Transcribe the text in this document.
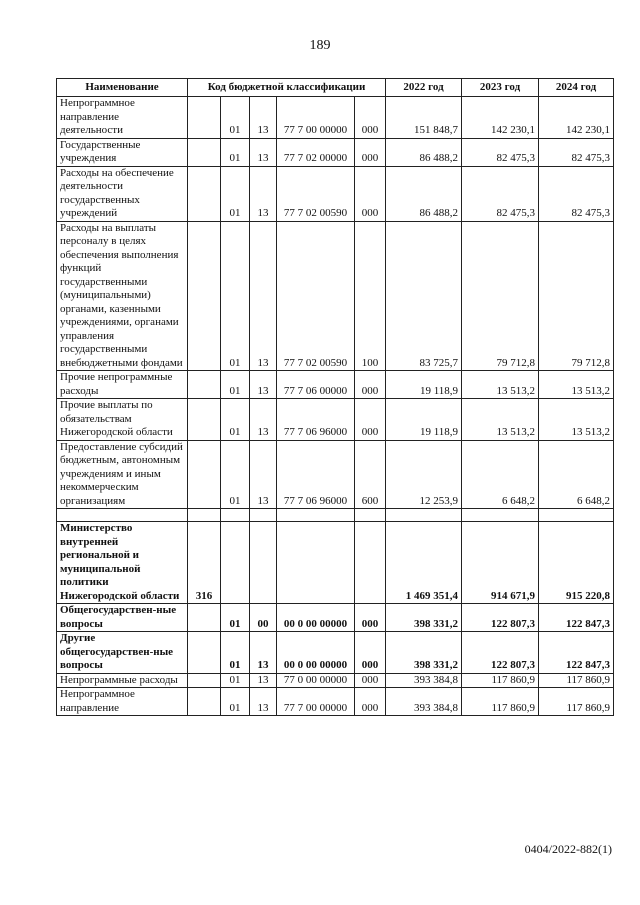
189
Наименование	Код бюджетной классификации					2022 год	2023 год	2024 год
Непрограммное направление деятельности		01	13	77 7 00 00000	000	151 848,7	142 230,1	142 230,1
Государственные учреждения		01	13	77 7 02 00000	000	86 488,2	82 475,3	82 475,3
Расходы на обеспечение деятельности государственных учреждений		01	13	77 7 02 00590	000	86 488,2	82 475,3	82 475,3
Расходы на выплаты персоналу в целях обеспечения выполнения функций государственными (муниципальными) органами, казенными учреждениями, органами управления государственными внебюджетными фондами		01	13	77 7 02 00590	100	83 725,7	79 712,8	79 712,8
Прочие непрограммные расходы		01	13	77 7 06 00000	000	19 118,9	13 513,2	13 513,2
Прочие выплаты по обязательствам Нижегородской области		01	13	77 7 06 96000	000	19 118,9	13 513,2	13 513,2
Предоставление субсидий бюджетным, автономным учреждениям и иным некоммерческим организациям		01	13	77 7 06 96000	600	12 253,9	6 648,2	6 648,2

Министерство внутренней региональной и муниципальной политики Нижегородской области	316					1 469 351,4	914 671,9	915 220,8
Общегосударствен-ные вопросы		01	00	00 0 00 00000	000	398 331,2	122 807,3	122 847,3
Другие общегосударствен-ные вопросы		01	13	00 0 00 00000	000	398 331,2	122 807,3	122 847,3
Непрограммные расходы		01	13	77 0 00 00000	000	393 384,8	117 860,9	117 860,9
Непрограммное направление		01	13	77 7 00 00000	000	393 384,8	117 860,9	117 860,9
0404/2022-882(1)
